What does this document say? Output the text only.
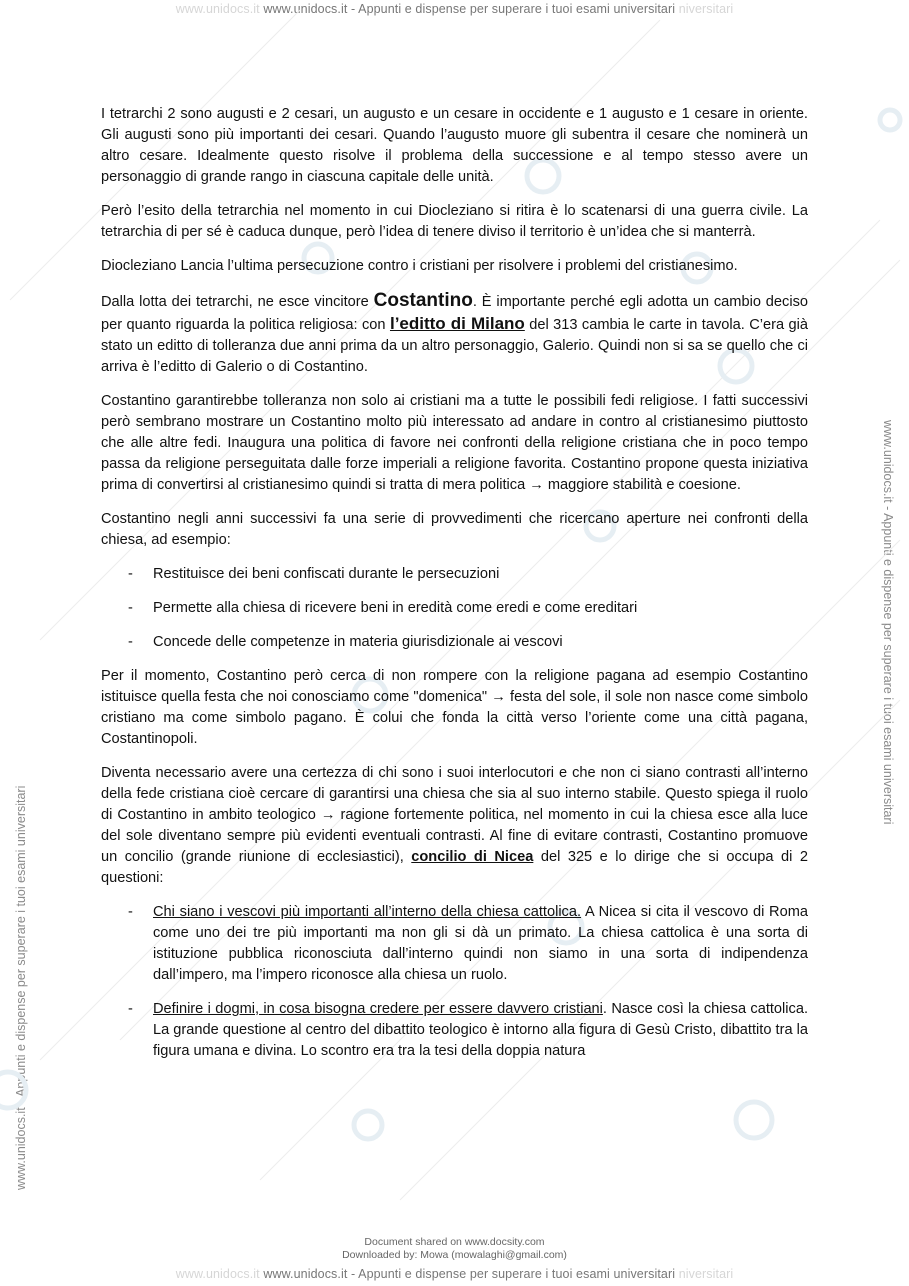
www.unidocs.it www.unidocs.it - Appunti e dispense per superare i tuoi esami universitari niversitari
www.unidocs.it - Appunti e dispense per superare i tuoi esami universitari
www.unidocs.it - Appunti e dispense per superare i tuoi esami universitari

I tetrarchi 2 sono augusti e 2 cesari, un augusto e un cesare in occidente e 1 augusto e 1 cesare in oriente. Gli augusti sono più importanti dei cesari. Quando l’augusto muore gli subentra il cesare che nominerà un altro cesare. Idealmente questo risolve il problema della successione e al tempo stesso avere un personaggio di grande rango in ciascuna capitale delle unità.

Però l’esito della tetrarchia nel momento in cui Diocleziano si ritira è lo scatenarsi di una guerra civile. La tetrarchia di per sé è caduca dunque, però l’idea di tenere diviso il territorio è un’idea che si manterrà.

Diocleziano Lancia l’ultima persecuzione contro i cristiani per risolvere i problemi del cristianesimo.

Dalla lotta dei tetrarchi, ne esce vincitore Costantino. È importante perché egli adotta un cambio deciso per quanto riguarda la politica religiosa: con l’editto di Milano del 313 cambia le carte in tavola. C’era già stato un editto di tolleranza due anni prima da un altro personaggio, Galerio. Quindi non si sa se quello che ci arriva è l’editto di Galerio o di Costantino.

Costantino garantirebbe tolleranza non solo ai cristiani ma a tutte le possibili fedi religiose. I fatti successivi però sembrano mostrare un Costantino molto più interessato ad andare in contro al cristianesimo piuttosto che alle altre fedi. Inaugura una politica di favore nei confronti della religione cristiana che in poco tempo passa da religione perseguitata dalle forze imperiali a religione favorita. Costantino propone questa iniziativa prima di convertirsi al cristianesimo quindi si tratta di mera politica → maggiore stabilità e coesione.

Costantino negli anni successivi fa una serie di provvedimenti che ricercano aperture nei confronti della chiesa, ad esempio:

- Restituisce dei beni confiscati durante le persecuzioni
- Permette alla chiesa di ricevere beni in eredità come eredi e come ereditari
- Concede delle competenze in materia giurisdizionale ai vescovi

Per il momento, Costantino però cerca di non rompere con la religione pagana ad esempio Costantino istituisce quella festa che noi conosciamo come "domenica" → festa del sole, il sole non nasce come simbolo cristiano ma come simbolo pagano. È colui che fonda la città verso l’oriente come una città pagana, Costantinopoli.

Diventa necessario avere una certezza di chi sono i suoi interlocutori e che non ci siano contrasti all’interno della fede cristiana cioè cercare di garantirsi una chiesa che sia al suo interno stabile. Questo spiega il ruolo di Costantino in ambito teologico → ragione fortemente politica, nel momento in cui la chiesa esce alla luce del sole diventano sempre più evidenti eventuali contrasti. Al fine di evitare contrasti, Costantino promuove un concilio (grande riunione di ecclesiastici), concilio di Nicea del 325 e lo dirige che si occupa di 2 questioni:

- Chi siano i vescovi più importanti all’interno della chiesa cattolica. A Nicea si cita il vescovo di Roma come uno dei tre più importanti ma non gli si dà un primato. La chiesa cattolica è una sorta di istituzione pubblica riconosciuta dall’interno quindi non siamo in una sorta di indipendenza dall’impero, ma l’impero riconosce alla chiesa un ruolo.
- Definire i dogmi, in cosa bisogna credere per essere davvero cristiani. Nasce così la chiesa cattolica. La grande questione al centro del dibattito teologico è intorno alla figura di Gesù Cristo, dibattito tra la figura umana e divina. Lo scontro era tra la tesi della doppia natura
Document shared on www.docsity.com
Downloaded by: Mowa (mowalaghi@gmail.com)
www.unidocs.it www.unidocs.it - Appunti e dispense per superare i tuoi esami universitari niversitari
